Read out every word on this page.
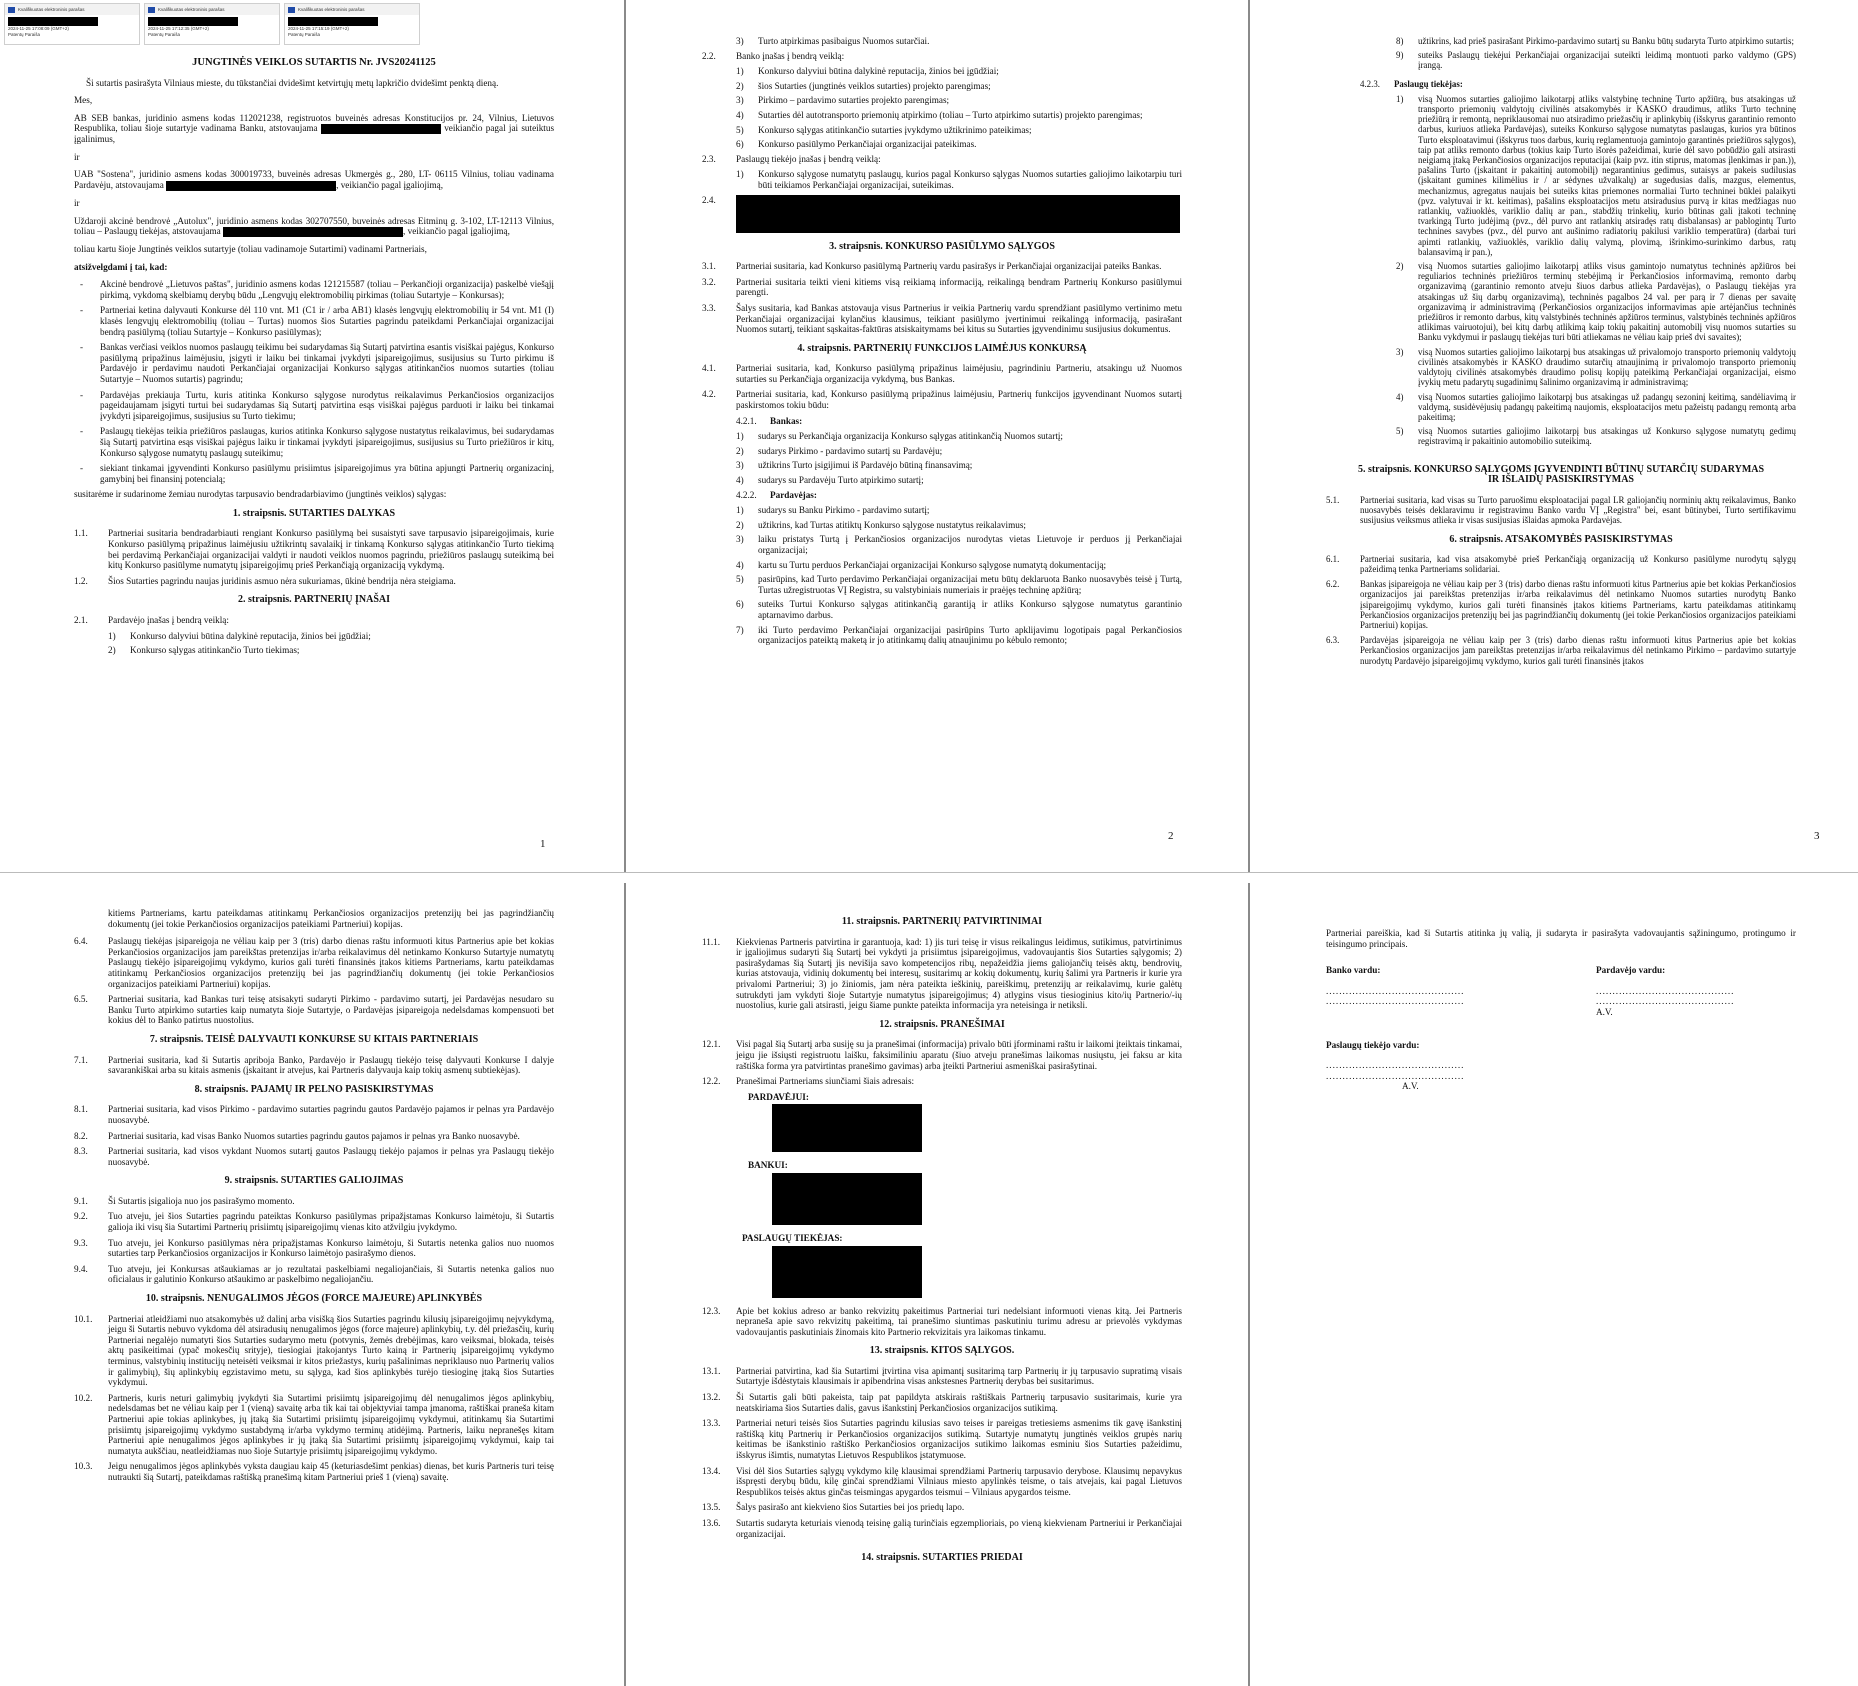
Kvalifikuotas elektroninis parašas
2024-11-25 17:08:09 (GMT+2)
Patentų Paraiša
Kvalifikuotas elektroninis parašas
2024-11-25 17:12:35 (GMT+2)
Patentų Paraiša
Kvalifikuotas elektroninis parašas
2024-11-25 17:15:19 (GMT+2)
Patentų Paraiša
JUNGTINĖS VEIKLOS SUTARTIS Nr. JVS20241125

Ši sutartis pasirašyta Vilniaus mieste, du tūkstančiai dvidešimt ketvirtųjų metų lapkričio dvidešimt penktą dieną.

Mes,

AB SEB bankas, juridinio asmens kodas 112021238, registruotos buveinės adresas Konstitucijos pr. 24, Vilnius, Lietuvos Respublika, toliau šioje sutartyje vadinama Banku, atstovaujama	veikiančio pagal jai suteiktus įgalinimus,

ir

UAB "Sostena", juridinio asmens kodas 300019733, buveinės adresas Ukmergės g., 280, LT- 06115 Vilnius, toliau vadinama Pardavėju, atstovaujama	, veikiančio pagal įgaliojimą,

ir

Uždaroji akcinė bendrovė „Autolux", juridinio asmens kodas 302707550, buveinės adresas Eitminų g. 3-102, LT-12113 Vilnius, toliau – Paslaugų tiekėjas, atstovaujama	, veikiančio pagal įgaliojimą,

toliau kartu šioje Jungtinės veiklos sutartyje (toliau vadinamoje Sutartimi) vadinami Partneriais,

atsižvelgdami į tai, kad:

-	Akcinė bendrovė „Lietuvos paštas", juridinio asmens kodas 121215587 (toliau – Perkančioji organizacija) paskelbė viešąjį pirkimą, vykdomą skelbiamų derybų būdu „Lengvųjų elektromobilių pirkimas (toliau Sutartyje – Konkursas);
-	Partneriai ketina dalyvauti Konkurse dėl 110 vnt. M1 (C1 ir / arba AB1) klasės lengvųjų elektromobilių ir 54 vnt. M1 (I) klasės lengvųjų elektromobilių (toliau – Turtas) nuomos šios Sutarties pagrindu pateikdami Perkančiajai organizacijai bendrą pasiūlymą (toliau Sutartyje – Konkurso pasiūlymas);
-	Bankas verčiasi veiklos nuomos paslaugų teikimu bei sudarydamas šią Sutartį patvirtina esantis visiškai pajėgus, Konkurso pasiūlymą pripažinus laimėjusiu, įsigyti ir laiku bei tinkamai įvykdyti įsipareigojimus, susijusius su Turto pirkimu iš Pardavėjo ir perdavimu naudoti Perkančiajai organizacijai Konkurso sąlygas atitinkančios nuomos sutarties (toliau Sutartyje – Nuomos sutartis) pagrindu;
-	Pardavėjas prekiauja Turtu, kuris atitinka Konkurso sąlygose nurodytus reikalavimus Perkančiosios organizacijos pageidaujamam įsigyti turtui bei sudarydamas šią Sutartį patvirtina esąs visiškai pajėgus parduoti ir laiku bei tinkamai įvykdyti įsipareigojimus, susijusius su Turto tiekimu;
-	Paslaugų tiekėjas teikia priežiūros paslaugas, kurios atitinka Konkurso sąlygose nustatytus reikalavimus, bei sudarydamas šią Sutartį patvirtina esąs visiškai pajėgus laiku ir tinkamai įvykdyti įsipareigojimus, susijusius su Turto priežiūros ir kitų, Konkurso sąlygose numatytų paslaugų suteikimu;
-	siekiant tinkamai įgyvendinti Konkurso pasiūlymu prisiimtus įsipareigojimus yra būtina apjungti Partnerių organizacinį, gamybinį bei finansinį potencialą;

susitarėme ir sudarinome žemiau nurodytas tarpusavio bendradarbiavimo (jungtinės veiklos) sąlygas:

1. straipsnis. SUTARTIES DALYKAS
1.1.	Partneriai susitaria bendradarbiauti rengiant Konkurso pasiūlymą bei susaistyti save tarpusavio įsipareigojimais, kurie Konkurso pasiūlymą pripažinus laimėjusiu užtikrintų savalaikį ir tinkamą Konkurso sąlygas atitinkančio Turto tiekimą bei perdavimą Perkančiajai organizacijai valdyti ir naudoti veiklos nuomos pagrindu, priežiūros paslaugų suteikimą bei kitų Konkurso pasiūlyme numatytų įsipareigojimų prieš Perkančiąją organizaciją vykdymą.
1.2.	Šios Sutarties pagrindu naujas juridinis asmuo nėra sukuriamas, ūkinė bendrija nėra steigiama.
2. straipsnis. PARTNERIŲ ĮNAŠAI
2.1.	Pardavėjo įnašas į bendrą veiklą:
1)	Konkurso dalyviui būtina dalykinė reputacija, žinios bei įgūdžiai;
2)	Konkurso sąlygas atitinkančio Turto tiekimas;
1
3)	Turto atpirkimas pasibaigus Nuomos sutarčiai.
2.2.	Banko įnašas į bendrą veiklą:
1)	Konkurso dalyviui būtina dalykinė reputacija, žinios bei įgūdžiai;
2)	šios Sutarties (jungtinės veiklos sutarties) projekto parengimas;
3)	Pirkimo – pardavimo sutarties projekto parengimas;
4)	Sutarties dėl autotransporto priemonių atpirkimo (toliau – Turto atpirkimo sutartis) projekto parengimas;
5)	Konkurso sąlygas atitinkančio sutarties įvykdymo užtikrinimo pateikimas;
6)	Konkurso pasiūlymo Perkančiajai organizacijai pateikimas.
2.3.	Paslaugų tiekėjo įnašas į bendrą veiklą:
1)	Konkurso sąlygose numatytų paslaugų, kurios pagal Konkurso sąlygas Nuomos sutarties galiojimo laikotarpiu turi būti teikiamos Perkančiajai organizacijai, suteikimas.
2.4.
3. straipsnis. KONKURSO PASIŪLYMO SĄLYGOS
3.1.	Partneriai susitaria, kad Konkurso pasiūlymą Partnerių vardu pasirašys ir Perkančiajai organizacijai pateiks Bankas.
3.2.	Partneriai susitaria teikti vieni kitiems visą reikiamą informaciją, reikalingą bendram Partnerių Konkurso pasiūlymui parengti.
3.3.	Šalys susitaria, kad Bankas atstovauja visus Partnerius ir veikia Partnerių vardu sprendžiant pasiūlymo vertinimo metu Perkančiajai organizacijai kylančius klausimus, teikiant pasiūlymo įvertinimui reikalingą informaciją, pasirašant Nuomos sutartį, teikiant sąskaitas-faktūras atsiskaitymams bei kitus su Sutarties įgyvendinimu susijusius dokumentus.
4. straipsnis. PARTNERIŲ FUNKCIJOS LAIMĖJUS KONKURSĄ
4.1.	Partneriai susitaria, kad, Konkurso pasiūlymą pripažinus laimėjusiu, pagrindiniu Partneriu, atsakingu už Nuomos sutarties su Perkančiąja organizacija vykdymą, bus Bankas.
4.2.	Partneriai susitaria, kad, Konkurso pasiūlymą pripažinus laimėjusiu, Partnerių funkcijos įgyvendinant Nuomos sutartį paskirstomos tokiu būdu:
4.2.1.	Bankas:
1)	sudarys su Perkančiąja organizacija Konkurso sąlygas atitinkančią Nuomos sutartį;
2)	sudarys Pirkimo - pardavimo sutartį su Pardavėju;
3)	užtikrins Turto įsigijimui iš Pardavėjo būtiną finansavimą;
4)	sudarys su Pardavėju Turto atpirkimo sutartį;
4.2.2.	Pardavėjas:
1)	sudarys su Banku Pirkimo - pardavimo sutartį;
2)	užtikrins, kad Turtas atitiktų Konkurso sąlygose nustatytus reikalavimus;
3)	laiku pristatys Turtą į Perkančiosios organizacijos nurodytas vietas Lietuvoje ir perduos jį Perkančiajai organizacijai;
4)	kartu su Turtu perduos Perkančiajai organizacijai Konkurso sąlygose numatytą dokumentaciją;
5)	pasirūpins, kad Turto perdavimo Perkančiajai organizacijai metu būtų deklaruota Banko nuosavybės teisė į Turtą, Turtas užregistruotas VĮ Registra, su valstybiniais numeriais ir praėjęs techninę apžiūrą;
6)	suteiks Turtui Konkurso sąlygas atitinkančią garantiją ir atliks Konkurso sąlygose numatytus garantinio aptarnavimo darbus.
7)	iki Turto perdavimo Perkančiajai organizacijai pasirūpins Turto apklijavimu logotipais pagal Perkančiosios organizacijos pateiktą maketą ir jo atitinkamų dalių atnaujinimu po kėbulo remonto;
2
8)	užtikrins, kad prieš pasirašant Pirkimo-pardavimo sutartį su Banku būtų sudaryta Turto atpirkimo sutartis;
9)	suteiks Paslaugų tiekėjui Perkančiajai organizacijai suteikti leidimą montuoti parko valdymo (GPS) įrangą.
4.2.3.	Paslaugų tiekėjas:
1)	visą Nuomos sutarties galiojimo laikotarpį atliks valstybinę techninę Turto apžiūrą, bus atsakingas už transporto priemonių valdytojų civilinės atsakomybės ir KASKO draudimus, atliks Turto techninę priežiūrą ir remontą, nepriklausomai nuo atsiradimo priežasčių ir aplinkybių (išskyrus garantinio remonto darbus, kuriuos atlieka Pardavėjas), suteiks Konkurso sąlygose numatytas paslaugas, kurios yra būtinos Turto eksploatavimui (išskyrus tuos darbus, kurių reglamentuoja gamintojo garantinės priežiūros sąlygos), taip pat atliks remonto darbus (tokius kaip Turto išorės pažeidimai, kurie dėl savo pobūdžio gali atsirasti neigiamą įtaką Perkančiosios organizacijos reputacijai (kaip pvz. itin stiprus, matomas įlenkimas ir pan.)), pašalins Turto (įskaitant ir pakaitinį automobilį) negarantinius gedimus, sutaisys ar pakeis sudilusias (įskaitant gumines kilimėlius ir / ar sėdynes užvalkalų) ar sugedusias dalis, mazgus, elementus, mechanizmus, agregatus naujais bei suteiks kitas priemones normaliai Turto techninei būklei palaikyti (pvz. valytuvai ir kt. keitimas), pašalins eksploatacijos metu atsiradusius purvą ir kitas medžiagas nuo ratlankių, važiuoklės, variklio dalių ar pan., stabdžių trinkelių, kurio būtinas gali įtakoti techninę tvarkingą Turto judėjimą (pvz., dėl purvo ant ratlankių atsiradęs ratų disbalansas) ar pablogintų Turto technines savybes (pvz., dėl purvo ant aušinimo radiatorių pakilusi variklio temperatūra) (darbai turi apimti ratlankių, važiuoklės, variklio dalių valymą, plovimą, išrinkimo-surinkimo darbus, ratų balansavimą ir pan.),
2)	visą Nuomos sutarties galiojimo laikotarpį atliks visus gamintojo numatytus techninės apžiūros bei reguliarios techninės priežiūros terminų stebėjimą ir Perkančiosios informavimą, remonto darbų organizavimą (garantinio remonto atveju šiuos darbus atlieka Pardavėjas), o Paslaugų tiekėjas yra atsakingas už šių darbų organizavimą), techninės pagalbos 24 val. per parą ir 7 dienas per savaitę organizavimą ir administravimą (Perkančiosios organizacijos informavimas apie artėjančius techninės priežiūros ir remonto darbus, kitų valstybinės techninės apžiūros terminus, valstybinės techninės apžiūros atlikimas vairuotojui), bei kitų darbų atlikimą kaip tokių pakaitinį automobilį visų nuomos sutarties su Banku vykdymui ir paslaugų tiekėjas turi būti atliekamas ne vėliau kaip prieš dvi savaites);
3)	visą Nuomos sutarties galiojimo laikotarpį bus atsakingas už privalomojo transporto priemonių valdytojų civilinės atsakomybės ir KASKO draudimo sutarčių atnaujinimą ir privalomojo transporto priemonių valdytojų civilinės atsakomybės draudimo polisų kopijų pateikimą Perkančiajai organizacijai, eismo įvykių metu padarytų sugadinimų šalinimo organizavimą ir administravimą;
4)	visą Nuomos sutarties galiojimo laikotarpį bus atsakingas už padangų sezoninį keitimą, sandėliavimą ir valdymą, susidėvėjusių padangų pakeitimą naujomis, eksploatacijos metu pažeistų padangų remontą arba pakeitimą;
5)	visą Nuomos sutarties galiojimo laikotarpį bus atsakingas už Konkurso sąlygose numatytų gedimų registravimą ir pakaitinio automobilio suteikimą.
5. straipsnis. KONKURSO SĄLYGOMS ĮGYVENDINTI BŪTINŲ SUTARČIŲ SUDARYMAS IR IŠLAIDŲ PASISKIRSTYMAS
5.1.	Partneriai susitaria, kad visas su Turto paruošimu eksploatacijai pagal LR galiojančių norminių aktų reikalavimus, Banko nuosavybės teisės deklaravimu ir registravimu Banko vardu VĮ „Registra" bei, esant būtinybei, Turto sertifikavimu susijusius veiksmus atlieka ir visas susijusias išlaidas apmoka Pardavėjas.
6. straipsnis. ATSAKOMYBĖS PASISKIRSTYMAS
6.1.	Partneriai susitaria, kad visa atsakomybė prieš Perkančiąją organizaciją už Konkurso pasiūlyme nurodytų sąlygų pažeidimą tenka Partneriams solidariai.
6.2.	Bankas įsipareigoja ne vėliau kaip per 3 (tris) darbo dienas raštu informuoti kitus Partnerius apie bet kokias Perkančiosios organizacijos jai pareikštas pretenzijas ir/arba reikalavimus dėl netinkamo Nuomos sutarties nurodytų Banko įsipareigojimų vykdymo, kurios gali turėti finansinės įtakos kitiems Partneriams, kartu pateikdamas atitinkamų Perkančiosios organizacijos pretenzijų bei jas pagrindžiančių dokumentų (jei tokie Perkančiosios organizacijos pateikiami Partneriui) kopijas.
6.3.	Pardavėjas įsipareigoja ne vėliau kaip per 3 (tris) darbo dienas raštu informuoti kitus Partnerius apie bet kokias Perkančiosios organizacijos jam pareikštas pretenzijas ir/arba reikalavimus dėl netinkamo Pirkimo – pardavimo sutartyje nurodytų Pardavėjo įsipareigojimų vykdymo, kurios gali turėti finansinės įtakos
3

kitiems Partneriams, kartu pateikdamas atitinkamų Perkančiosios organizacijos pretenzijų bei jas pagrindžiančių dokumentų (jei tokie Perkančiosios organizacijos pateikiami Partneriui) kopijas.

6.4.	Paslaugų tiekėjas įsipareigoja ne vėliau kaip per 3 (tris) darbo dienas raštu informuoti kitus Partnerius apie bet kokias Perkančiosios organizacijos jam pareikštas pretenzijas ir/arba reikalavimus dėl netinkamo Konkurso Sutartyje numatytų Paslaugų tiekėjo įsipareigojimų vykdymo, kurios gali turėti finansinės įtakos kitiems Partneriams, kartu pateikdamas atitinkamų Perkančiosios organizacijos pretenzijų bei jas pagrindžiančių dokumentų (jei tokie Perkančiosios organizacijos pateikiami Partneriui) kopijas.
6.5.	Partneriai susitaria, kad Bankas turi teisę atsisakyti sudaryti Pirkimo - pardavimo sutartį, jei Pardavėjas nesudaro su Banku Turto atpirkimo sutarties kaip numatyta šioje Sutartyje, o Pardavėjas įsipareigoja nedelsdamas kompensuoti bet kokius dėl to Banko patirtus nuostolius.
7. straipsnis. TEISĖ DALYVAUTI KONKURSE SU KITAIS PARTNERIAIS
7.1.	Partneriai susitaria, kad ši Sutartis apriboja Banko, Pardavėjo ir Paslaugų tiekėjo teisę dalyvauti Konkurse I dalyje savarankiškai arba su kitais asmenis (įskaitant ir atvejus, kai Partneris dalyvauja kaip tokių asmenų subtiekėjas).
8. straipsnis. PAJAMŲ IR PELNO PASISKIRSTYMAS
8.1.	Partneriai susitaria, kad visos Pirkimo - pardavimo sutarties pagrindu gautos Pardavėjo pajamos ir pelnas yra Pardavėjo nuosavybė.
8.2.	Partneriai susitaria, kad visas Banko Nuomos sutarties pagrindu gautos pajamos ir pelnas yra Banko nuosavybė.
8.3.	Partneriai susitaria, kad visos vykdant Nuomos sutartį gautos Paslaugų tiekėjo pajamos ir pelnas yra Paslaugų tiekėjo nuosavybė.
9. straipsnis. SUTARTIES GALIOJIMAS
9.1.	Ši Sutartis įsigalioja nuo jos pasirašymo momento.
9.2.	Tuo atveju, jei šios Sutarties pagrindu pateiktas Konkurso pasiūlymas pripažįstamas Konkurso laimėtoju, ši Sutartis galioja iki visų šia Sutartimi Partnerių prisiimtų įsipareigojimų vienas kito atžvilgiu įvykdymo.
9.3.	Tuo atveju, jei Konkurso pasiūlymas nėra pripažįstamas Konkurso laimėtoju, ši Sutartis netenka galios nuo nuomos sutarties tarp Perkančiosios organizacijos ir Konkurso laimėtojo pasirašymo dienos.
9.4.	Tuo atveju, jei Konkursas atšaukiamas ar jo rezultatai paskelbiami negaliojančiais, ši Sutartis netenka galios nuo oficialaus ir galutinio Konkurso atšaukimo ar paskelbimo negaliojančiu.
10. straipsnis. NENUGALIMOS JĖGOS (FORCE MAJEURE) APLINKYBĖS
10.1.	Partneriai atleidžiami nuo atsakomybės už dalinį arba visišką šios Sutarties pagrindu kilusių įsipareigojimų neįvykdymą, jeigu ši Sutartis nebuvo vykdoma dėl atsiradusių nenugalimos jėgos (force majeure) aplinkybių, t.y. dėl priežasčių, kurių Partneriai negalėjo numatyti šios Sutarties sudarymo metu (potvynis, žemės drebėjimas, karo veiksmai, blokada, teisės aktų pasikeitimai (ypač mokesčių srityje), tiesiogiai įtakojantys Turto kainą ir Partnerių įsipareigojimų vykdymo terminus, valstybinių institucijų neteisėti veiksmai ir kitos priežastys, kurių pašalinimas nepriklauso nuo Partnerių valios ir galimybių), šių aplinkybių egzistavimo metu, su sąlyga, kad šios aplinkybės turėjo tiesioginę įtaką šios Sutarties vykdymui.
10.2.	Partneris, kuris neturi galimybių įvykdyti šia Sutartimi prisiimtų įsipareigojimų dėl nenugalimos jėgos aplinkybių, nedelsdamas bet ne vėliau kaip per 1 (vieną) savaitę arba tik kai tai objektyviai tampa įmanoma, raštiškai praneša kitam Partneriui apie tokias aplinkybes, jų įtaką šia Sutartimi prisiimtų įsipareigojimų vykdymui, atitinkamų šia Sutartimi prisiimtų įsipareigojimų vykdymo sustabdymą ir/arba vykdymo terminų atidėjimą. Partneris, laiku nepranešęs kitam Partneriui apie nenugalimos jėgos aplinkybes ir jų įtaką šia Sutartimi prisiimtų įsipareigojimų vykdymui, kaip tai numatyta aukščiau, neatleidžiamas nuo šioje Sutartyje prisiimtų įsipareigojimų vykdymo.
10.3.	Jeigu nenugalimos jėgos aplinkybės vyksta daugiau kaip 45 (keturiasdešimt penkias) dienas, bet kuris Partneris turi teisę nutraukti šią Sutartį, pateikdamas raštišką pranešimą kitam Partneriui prieš 1 (vieną) savaitę.
11. straipsnis. PARTNERIŲ PATVIRTINIMAI
11.1.	Kiekvienas Partneris patvirtina ir garantuoja, kad: 1) jis turi teisę ir visus reikalingus leidimus, sutikimus, patvirtinimus ir įgaliojimus sudaryti šią Sutartį bei vykdyti ja prisiimtus įsipareigojimus, vadovaujantis šios Sutarties sąlygomis; 2) pasirašydamas šią Sutartį jis nevišija savo kompetencijos ribų, nepažeidžia jiems galiojančių teisės aktų, bendrovių, kurias atstovauja, vidinių dokumentų bei interesų, susitarimų ar kokių dokumentų, kurių šalimi yra Partneris ir kurie yra privalomi Partneriui; 3) jo žiniomis, jam nėra pateikta ieškinių, pareiškimų, pretenzijų ar reikalavimų, kurie galėtų sutrukdyti jam vykdyti šioje Sutartyje numatytus įsipareigojimus; 4) atlygins visus tiesioginius kito/ių Partnerio/-ių nuostolius, kurie gali atsirasti, jeigu šiame punkte pateikta informacija yra neteisinga ir netiksli.
12. straipsnis. PRANEŠIMAI
12.1.	Visi pagal šią Sutartį arba susiję su ja pranešimai (informacija) privalo būti įforminami raštu ir laikomi įteiktais tinkamai, jeigu jie išsiųsti registruotu laišku, faksimiliniu aparatu (šiuo atveju pranešimas laikomas nusiųstu, jei faksu ar kita raštiška forma yra patvirtintas pranešimo gavimas) arba įteikti Partneriui asmeniškai pasirašytinai.
12.2.	Pranešimai Partneriams siunčiami šiais adresais:
PARDAVĖJUI:
BANKUI:
PASLAUGŲ TIEKĖJAS:
12.3.	Apie bet kokius adreso ar banko rekvizitų pakeitimus Partneriai turi nedelsiant informuoti vienas kitą. Jei Partneris nepraneša apie savo rekvizitų pakeitimą, tai pranešimo siuntimas paskutiniu turimu adresu ar prievolės vykdymas vadovaujantis paskutiniais žinomais kito Partnerio rekvizitais yra laikomas tinkamu.
13. straipsnis. KITOS SĄLYGOS.
13.1.	Partneriai patvirtina, kad šia Sutartimi įtvirtina visa apimantį susitarimą tarp Partnerių ir jų tarpusavio supratimą visais Sutartyje išdėstytais klausimais ir apibendrina visas ankstesnes Partnerių derybas bei susitarimus.
13.2.	Ši Sutartis gali būti pakeista, taip pat papildyta atskirais raštiškais Partnerių tarpusavio susitarimais, kurie yra neatskiriama šios Sutarties dalis, gavus išankstinį Perkančiosios organizacijos sutikimą.
13.3.	Partneriai neturi teisės šios Sutarties pagrindu kilusias savo teises ir pareigas tretiesiems asmenims tik gavę išankstinį raštišką kitų Partnerių ir Perkančiosios organizacijos sutikimą. Sutartyje numatytų jungtinės veiklos grupės narių keitimas be išankstinio raštiško Perkančiosios organizacijos sutikimo laikomas esminiu šios Sutarties pažeidimu, išskyrus išimtis, numatytas Lietuvos Respublikos įstatymuose.
13.4.	Visi dėl šios Sutarties sąlygų vykdymo kilę klausimai sprendžiami Partnerių tarpusavio derybose. Klausimų nepavykus išspręsti derybų būdu, kilę ginčai sprendžiami Vilniaus miesto apylinkės teisme, o tais atvejais, kai pagal Lietuvos Respublikos teisės aktus ginčas teismingas apygardos teismui – Vilniaus apygardos teisme.
13.5.	Šalys pasirašo ant kiekvieno šios Sutarties bei jos priedų lapo.
13.6.	Sutartis sudaryta keturiais vienodą teisinę galią turinčiais egzemplioriais, po vieną kiekvienam Partneriui ir Perkančiajai organizacijai.
14. straipsnis. SUTARTIES PRIEDAI

Partneriai pareiškia, kad ši Sutartis atitinka jų valią, ji sudaryta ir pasirašyta vadovaujantis sąžiningumo, protingumo ir teisingumo principais.

Banko vardu:
..........................................
..........................................
Pardavėjo vardu:
..........................................
..........................................
A.V.
Paslaugų tiekėjo vardu:
..........................................
..........................................
A.V.
